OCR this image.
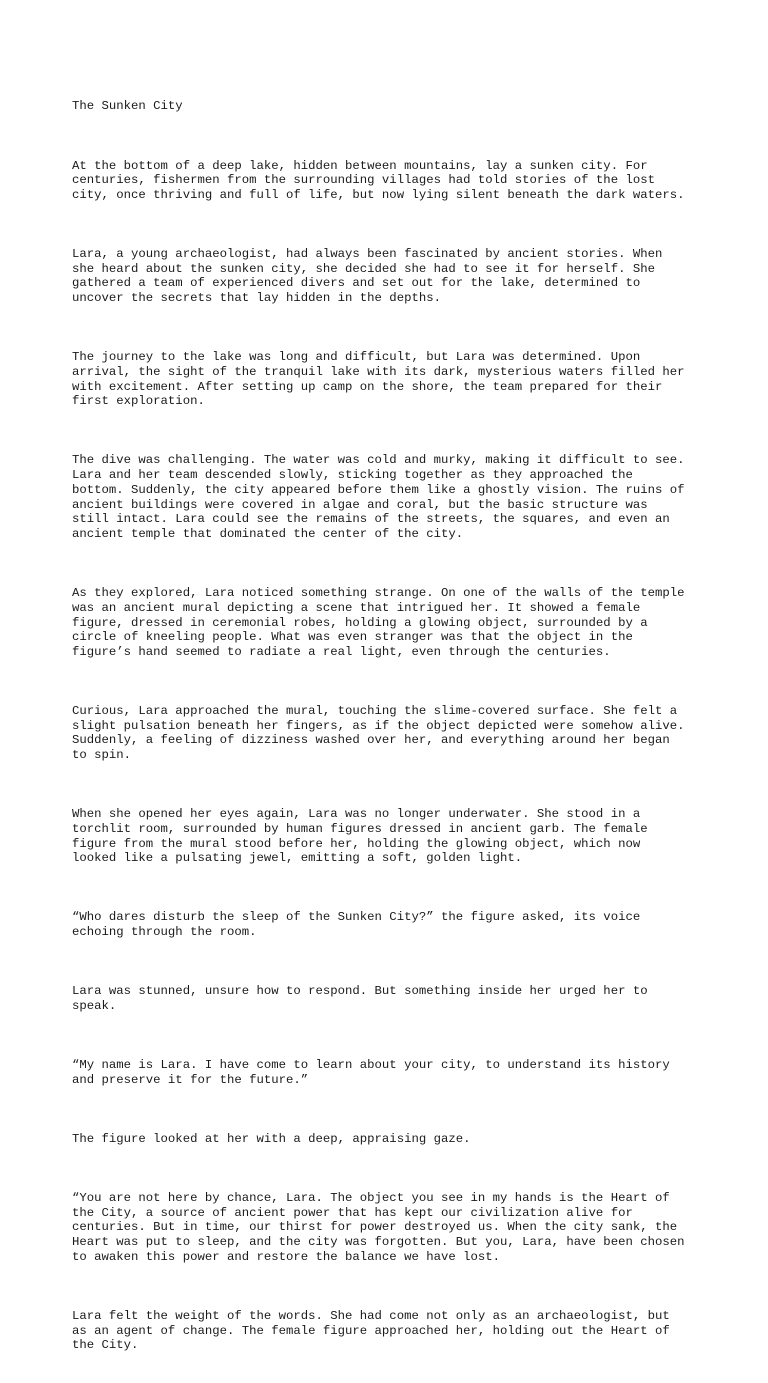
The Sunken City

At the bottom of a deep lake, hidden between mountains, lay a sunken city. For
centuries, fishermen from the surrounding villages had told stories of the lost
city, once thriving and full of life, but now lying silent beneath the dark waters.

Lara, a young archaeologist, had always been fascinated by ancient stories. When
she heard about the sunken city, she decided she had to see it for herself. She
gathered a team of experienced divers and set out for the lake, determined to
uncover the secrets that lay hidden in the depths.

The journey to the lake was long and difficult, but Lara was determined. Upon
arrival, the sight of the tranquil lake with its dark, mysterious waters filled her
with excitement. After setting up camp on the shore, the team prepared for their
first exploration.

The dive was challenging. The water was cold and murky, making it difficult to see.
Lara and her team descended slowly, sticking together as they approached the
bottom. Suddenly, the city appeared before them like a ghostly vision. The ruins of
ancient buildings were covered in algae and coral, but the basic structure was
still intact. Lara could see the remains of the streets, the squares, and even an
ancient temple that dominated the center of the city.

As they explored, Lara noticed something strange. On one of the walls of the temple
was an ancient mural depicting a scene that intrigued her. It showed a female
figure, dressed in ceremonial robes, holding a glowing object, surrounded by a
circle of kneeling people. What was even stranger was that the object in the
figure’s hand seemed to radiate a real light, even through the centuries.

Curious, Lara approached the mural, touching the slime-covered surface. She felt a
slight pulsation beneath her fingers, as if the object depicted were somehow alive.
Suddenly, a feeling of dizziness washed over her, and everything around her began
to spin.

When she opened her eyes again, Lara was no longer underwater. She stood in a
torchlit room, surrounded by human figures dressed in ancient garb. The female
figure from the mural stood before her, holding the glowing object, which now
looked like a pulsating jewel, emitting a soft, golden light.

“Who dares disturb the sleep of the Sunken City?” the figure asked, its voice
echoing through the room.

Lara was stunned, unsure how to respond. But something inside her urged her to
speak.

“My name is Lara. I have come to learn about your city, to understand its history
and preserve it for the future.”

The figure looked at her with a deep, appraising gaze.

“You are not here by chance, Lara. The object you see in my hands is the Heart of
the City, a source of ancient power that has kept our civilization alive for
centuries. But in time, our thirst for power destroyed us. When the city sank, the
Heart was put to sleep, and the city was forgotten. But you, Lara, have been chosen
to awaken this power and restore the balance we have lost.

Lara felt the weight of the words. She had come not only as an archaeologist, but
as an agent of change. The female figure approached her, holding out the Heart of
the City.
